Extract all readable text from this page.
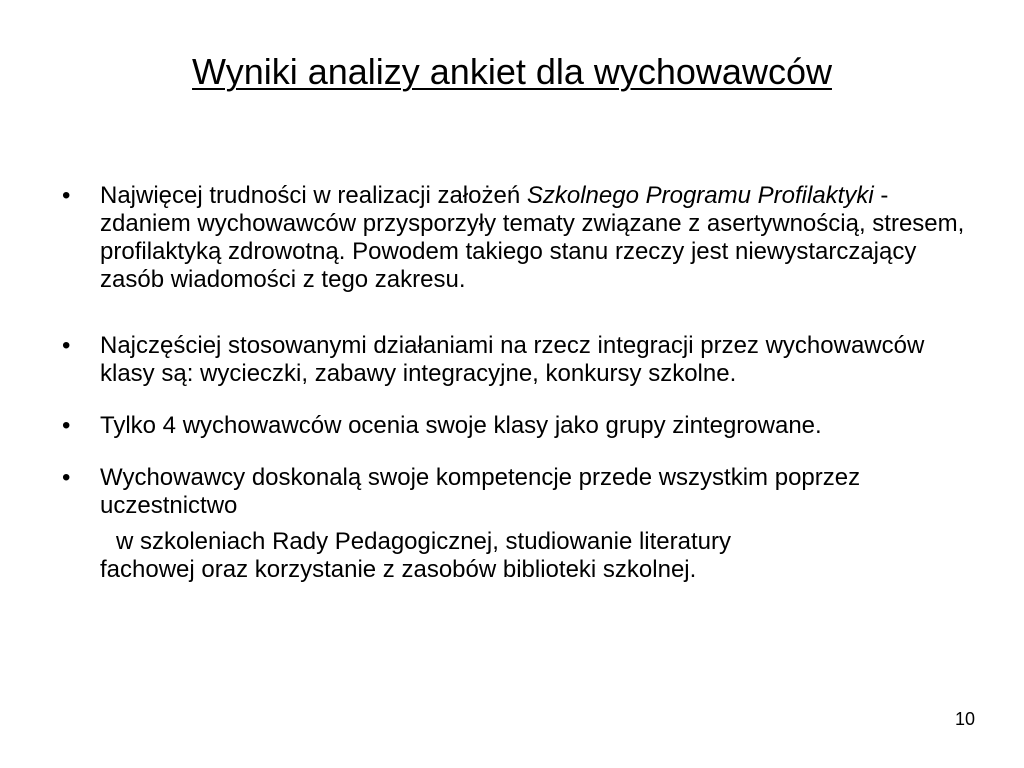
Wyniki analizy ankiet dla wychowawców
•	Najwięcej trudności w realizacji założeń Szkolnego Programu Profilaktyki - zdaniem wychowawców przysporzyły tematy związane z asertywnością, stresem, profilaktyką zdrowotną. Powodem takiego stanu rzeczy jest niewystarczający zasób wiadomości z tego zakresu.
•	Najczęściej stosowanymi działaniami na rzecz integracji przez wychowawców klasy są: wycieczki, zabawy integracyjne, konkursy szkolne.
•	Tylko 4 wychowawców ocenia swoje klasy jako grupy zintegrowane.
•	Wychowawcy doskonalą swoje kompetencje przede wszystkim poprzez uczestnictwo
w szkoleniach Rady Pedagogicznej, studiowanie literatury
fachowej oraz korzystanie z zasobów biblioteki szkolnej.
10
